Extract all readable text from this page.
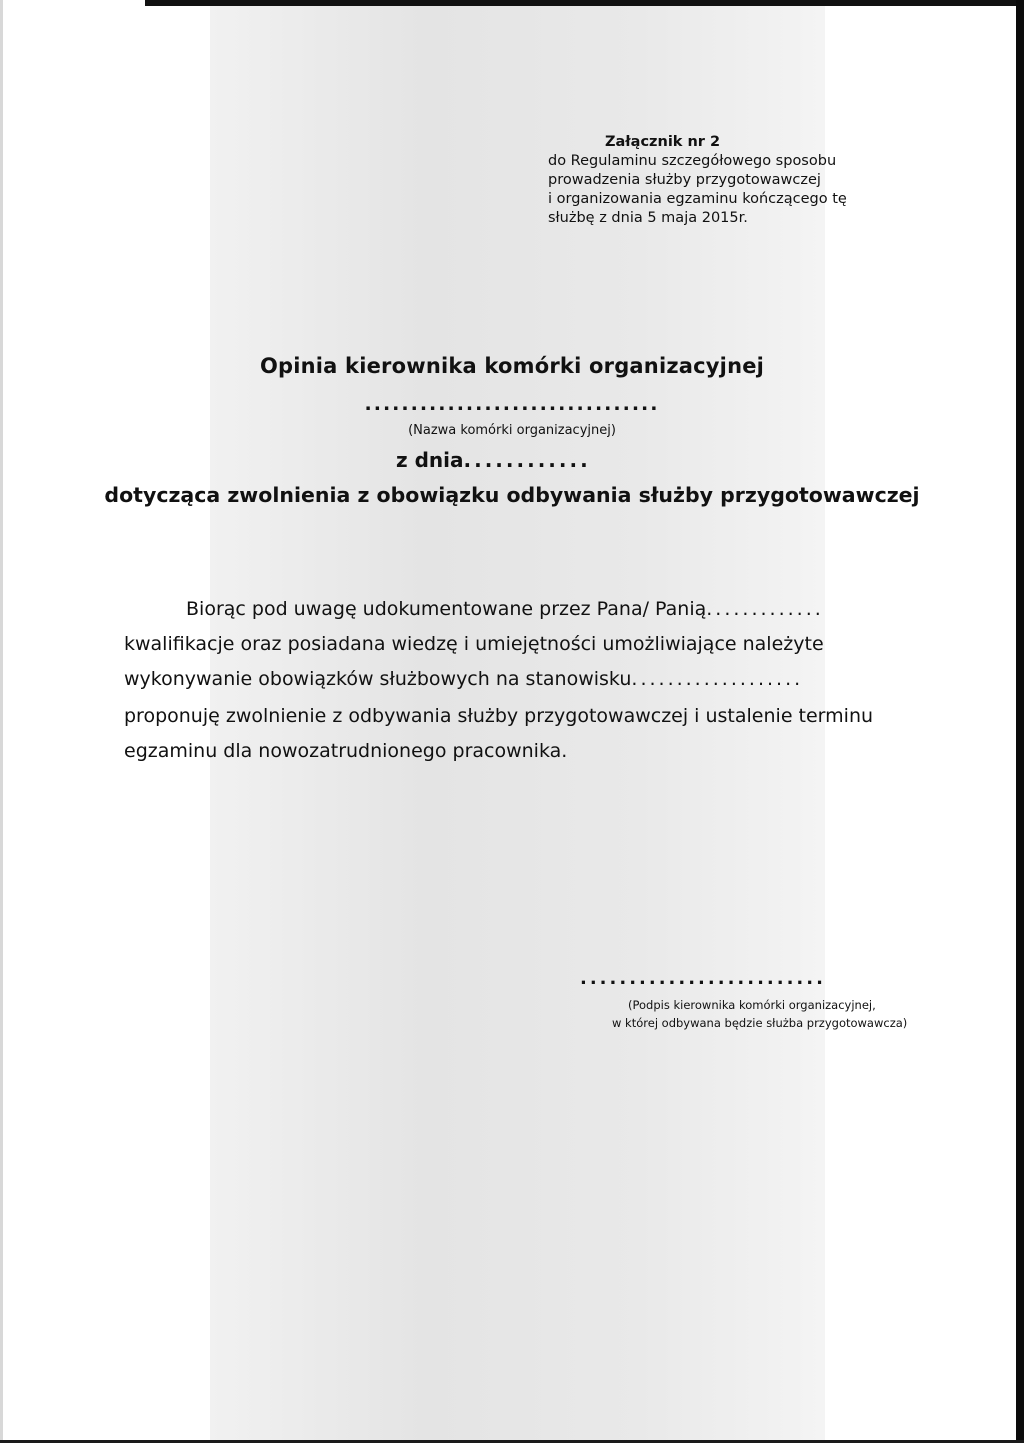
Załącznik nr 2
do Regulaminu szczegółowego sposobu
prowadzenia służby przygotowawczej
i organizowania egzaminu kończącego tę
służbę z dnia 5 maja 2015r.
Opinia kierownika komórki organizacyjnej
................................
(Nazwa komórki organizacyjnej)
z dnia............
dotycząca zwolnienia z obowiązku odbywania służby przygotowawczej
Biorąc pod uwagę udokumentowane przez Pana/ Panią.............
kwalifikacje oraz posiadana wiedzę i umiejętności umożliwiające należyte
wykonywanie obowiązków służbowych na stanowisku...................
proponuję zwolnienie z odbywania służby przygotowawczej i ustalenie terminu
egzaminu dla nowozatrudnionego pracownika.
.........................
(Podpis kierownika komórki organizacyjnej,
w której odbywana będzie służba przygotowawcza)
